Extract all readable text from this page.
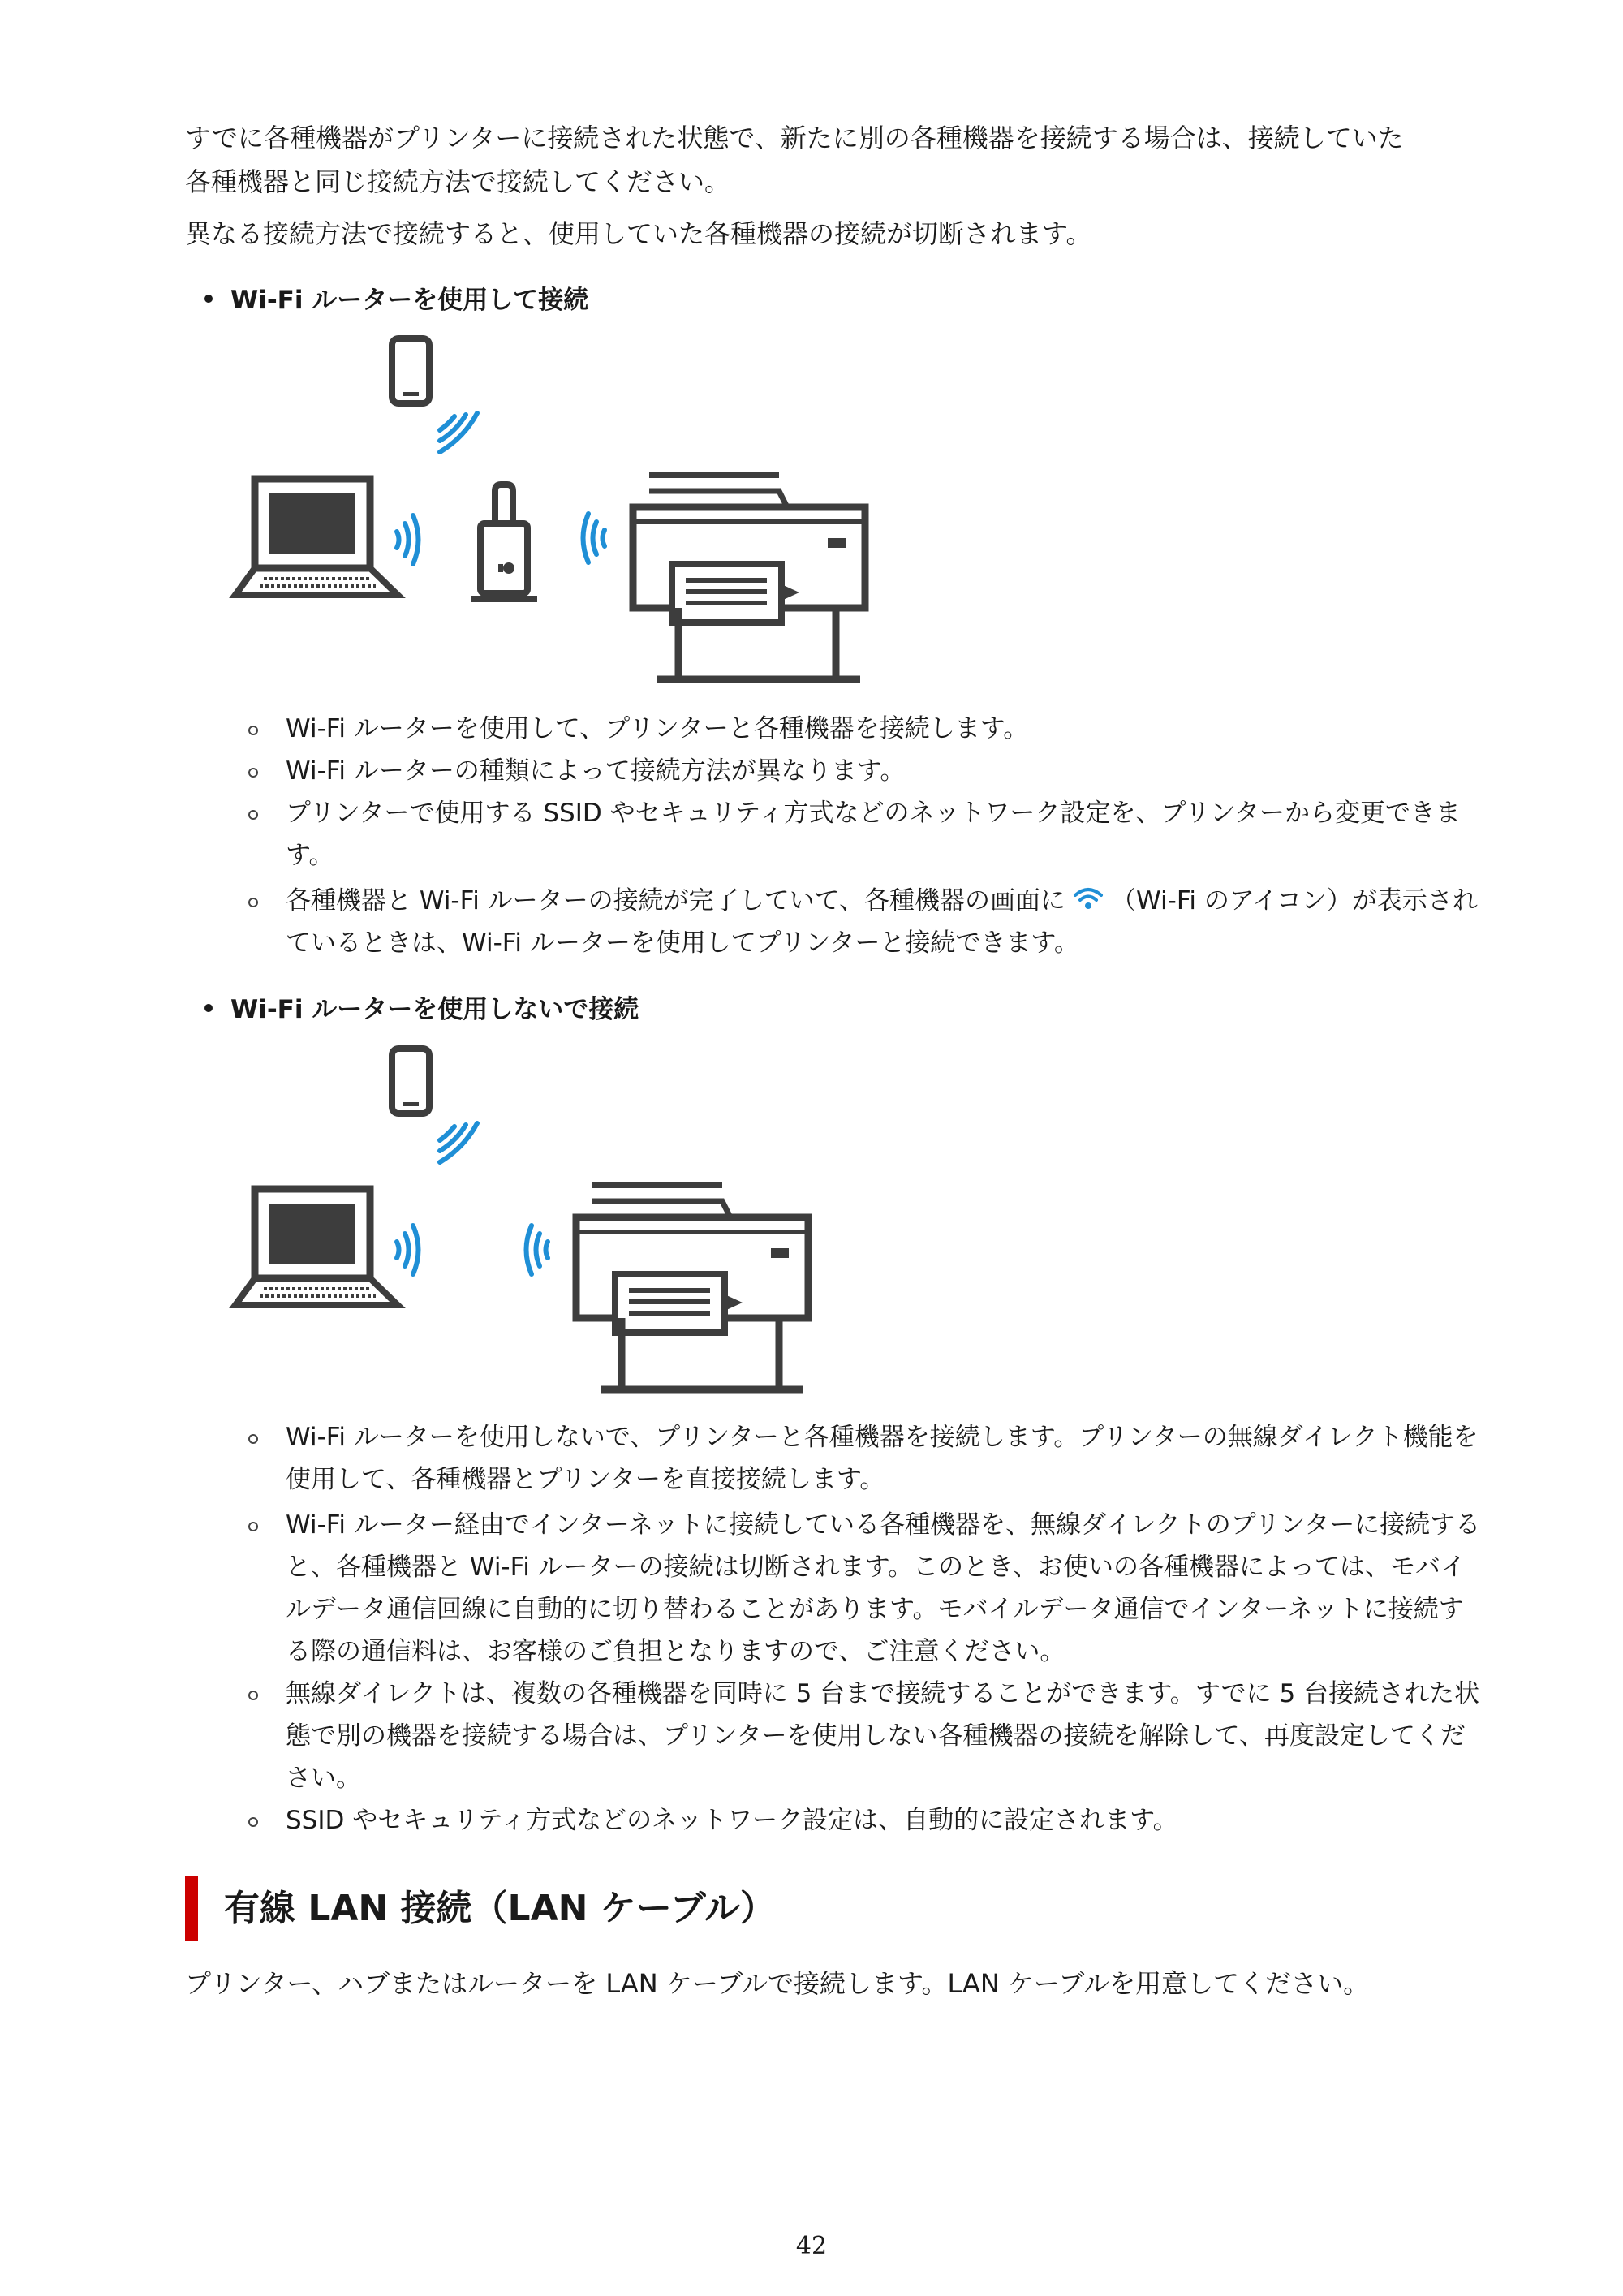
すでに各種機器がプリンターに接続された状態で、新たに別の各種機器を接続する場合は、接続していた

各種機器と同じ接続方法で接続してください。

異なる接続方法で接続すると、使用していた各種機器の接続が切断されます。

Wi-Fi ルーターを使用して接続
Wi-Fi ルーターを使用して、プリンターと各種機器を接続します。
Wi-Fi ルーターの種類によって接続方法が異なります。
プリンターで使用する SSID やセキュリティ方式などのネットワーク設定を、プリンターから変更できます。
各種機器と Wi-Fi ルーターの接続が完了していて、各種機器の画面に （Wi-Fi のアイコン）が表示されているときは、Wi-Fi ルーターを使用してプリンターと接続できます。
Wi-Fi ルーターを使用しないで接続
Wi-Fi ルーターを使用しないで、プリンターと各種機器を接続します。プリンターの無線ダイレクト機能を使用して、各種機器とプリンターを直接接続します。
Wi-Fi ルーター経由でインターネットに接続している各種機器を、無線ダイレクトのプリンターに接続すると、各種機器と Wi-Fi ルーターの接続は切断されます。このとき、お使いの各種機器によっては、モバイルデータ通信回線に自動的に切り替わることがあります。モバイルデータ通信でインターネットに接続する際の通信料は、お客様のご負担となりますので、ご注意ください。
無線ダイレクトは、複数の各種機器を同時に 5 台まで接続することができます。すでに 5 台接続された状態で別の機器を接続する場合は、プリンターを使用しない各種機器の接続を解除して、再度設定してください。
SSID やセキュリティ方式などのネットワーク設定は、自動的に設定されます。
有線 LAN 接続（LAN ケーブル）

プリンター、ハブまたはルーターを LAN ケーブルで接続します。LAN ケーブルを用意してください。

42
